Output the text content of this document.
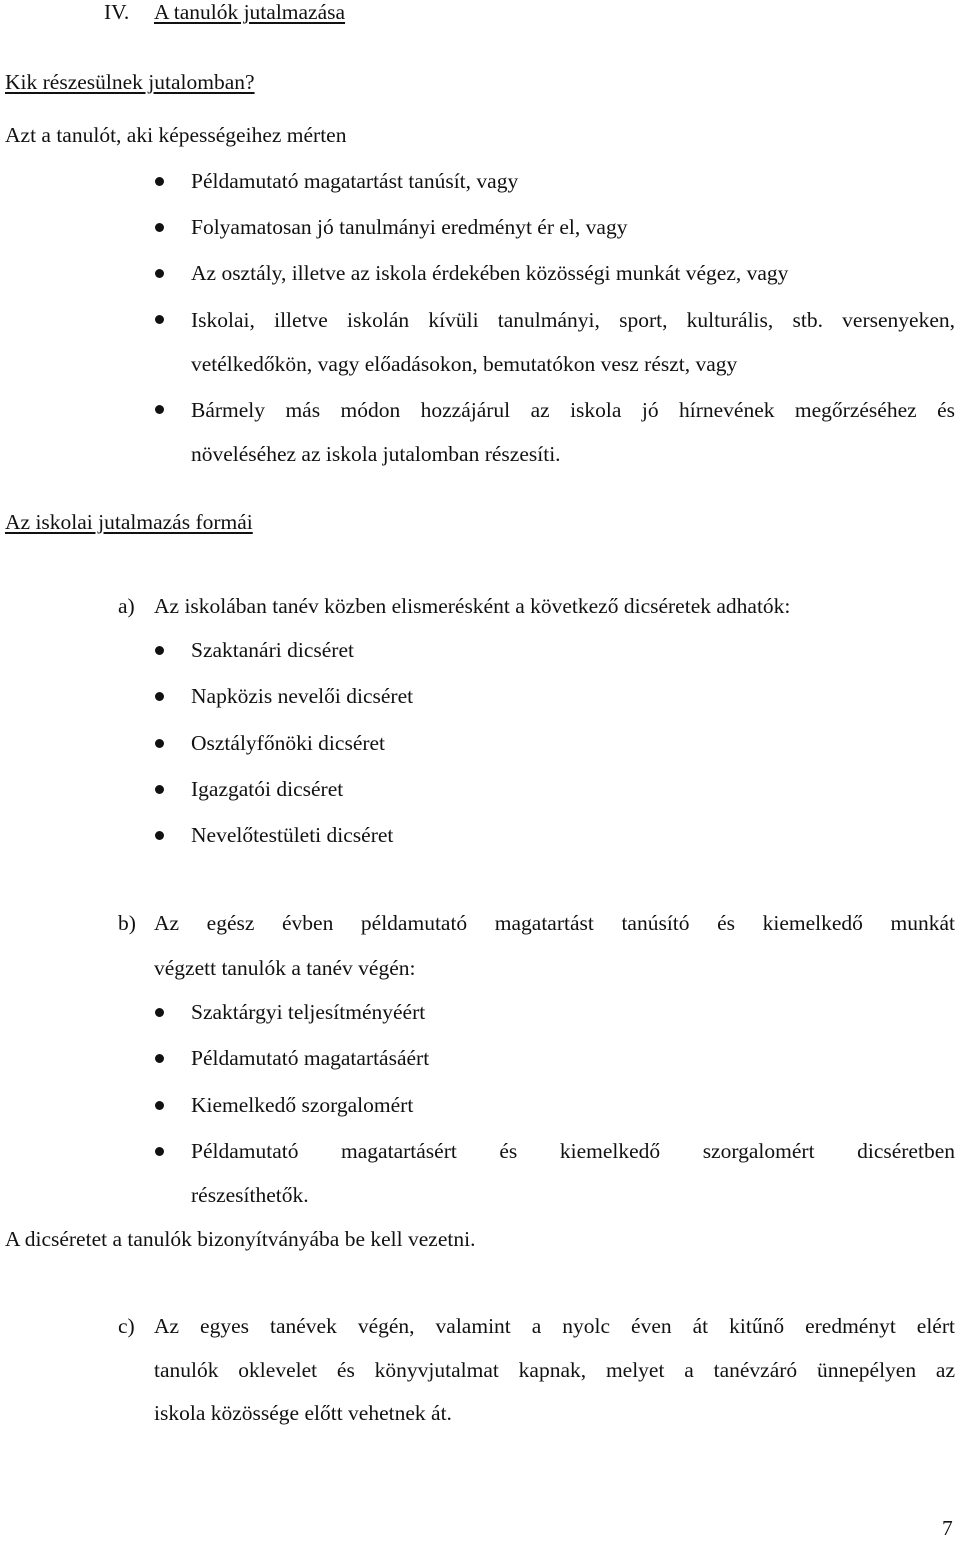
IV. A tanulók jutalmazása
Kik részesülnek jutalomban?
Azt a tanulót, aki képességeihez mérten
Példamutató magatartást tanúsít, vagy
Folyamatosan jó tanulmányi eredményt ér el, vagy
Az osztály, illetve az iskola érdekében közösségi munkát végez, vagy
Iskolai, illetve iskolán kívüli tanulmányi, sport, kulturális, stb. versenyeken,
vetélkedőkön, vagy előadásokon, bemutatókon vesz részt, vagy
Bármely más módon hozzájárul az iskola jó hírnevének megőrzéséhez és
növeléséhez az iskola jutalomban részesíti.
Az iskolai jutalmazás formái
a) Az iskolában tanév közben elismerésként a következő dicséretek adhatók:
Szaktanári dicséret
Napközis nevelői dicséret
Osztályfőnöki dicséret
Igazgatói dicséret
Nevelőtestületi dicséret
b) Az egész évben példamutató magatartást tanúsító és kiemelkedő munkát
végzett tanulók a tanév végén:
Szaktárgyi teljesítményéért
Példamutató magatartásáért
Kiemelkedő szorgalomért
Példamutató magatartásért és kiemelkedő szorgalomért dicséretben
részesíthetők.
A dicséretet a tanulók bizonyítványába be kell vezetni.
c) Az egyes tanévek végén, valamint a nyolc éven át kitűnő eredményt elért
tanulók oklevelet és könyvjutalmat kapnak, melyet a tanévzáró ünnepélyen az
iskola közössége előtt vehetnek át.
7
